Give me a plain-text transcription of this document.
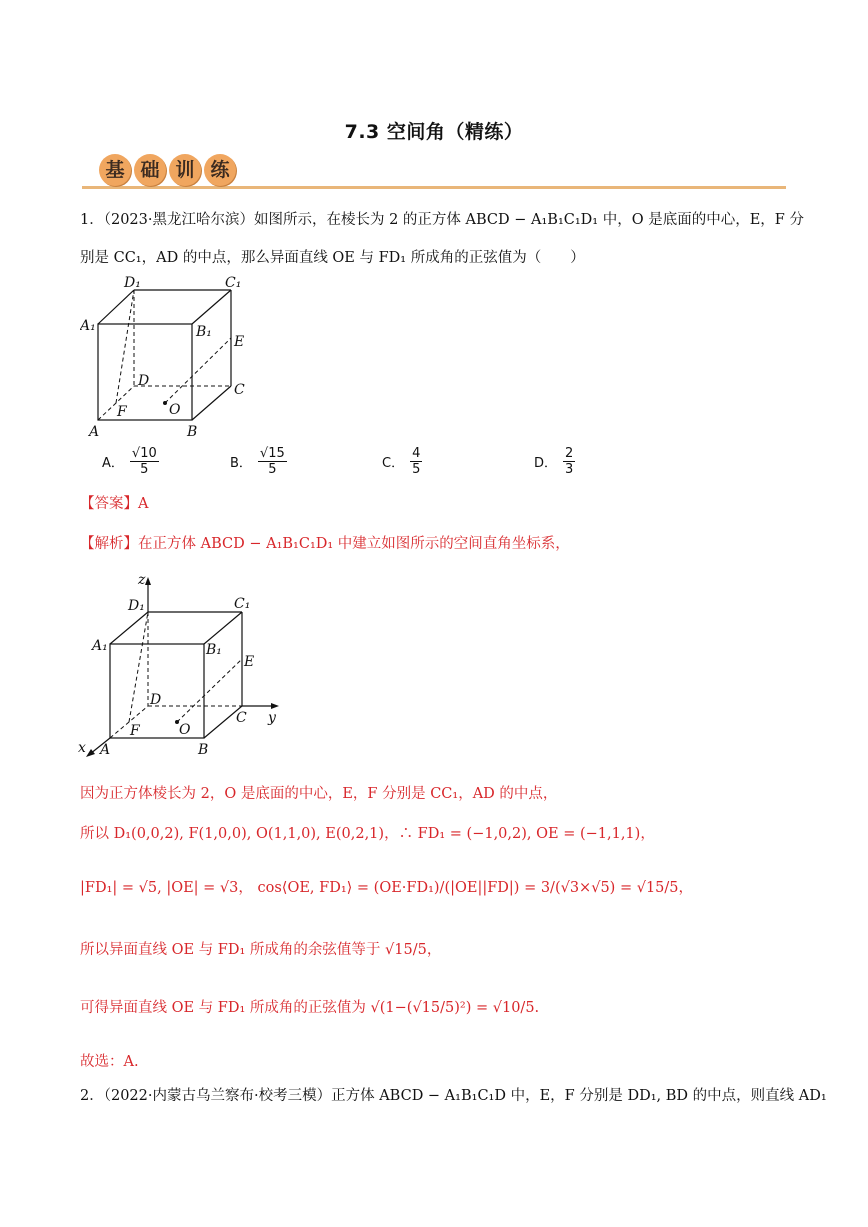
7.3 空间角（精练）
基 础 训 练
1．（2023·黑龙江哈尔滨）如图所示，在棱长为 2 的正方体 ABCD − A₁B₁C₁D₁ 中，O 是底面的中心，E，F 分
别是 CC₁，AD 的中点，那么异面直线 OE 与 FD₁ 所成角的正弦值为（　　）
D₁	C₁
A₁	B₁
E
D
C
F	O
A	B
A． $\frac{√10}{5}$	B． $\frac{√15}{5}$	C． $\frac{4}{5}$	D． $\frac{2}{3}$
【答案】A
【解析】在正方体 ABCD − A₁B₁C₁D₁ 中建立如图所示的空间直角坐标系，
z
D₁	C₁
A₁	B₁
E
D
C y
F	O
x A	B
因为正方体棱长为 2，O 是底面的中心，E，F 分别是 CC₁，AD 的中点，
所以 D₁(0,0,2), F(1,0,0), O(1,1,0), E(0,2,1)，∴ FD₁ = (−1,0,2), OE = (−1,1,1)，
|FD₁| = √5, |OE| = √3， cos⟨OE, FD₁⟩ = (OE·FD₁)/(|OE||FD|) = 3/(√3×√5) = √15/5，
所以异面直线 OE 与 FD₁ 所成角的余弦值等于 √15/5，
可得异面直线 OE 与 FD₁ 所成角的正弦值为 √(1−(√15/5)²) = √10/5.
故选：A.
2．（2022·内蒙古乌兰察布·校考三模）正方体 ABCD − A₁B₁C₁D 中，E，F 分别是 DD₁, BD 的中点，则直线 AD₁
